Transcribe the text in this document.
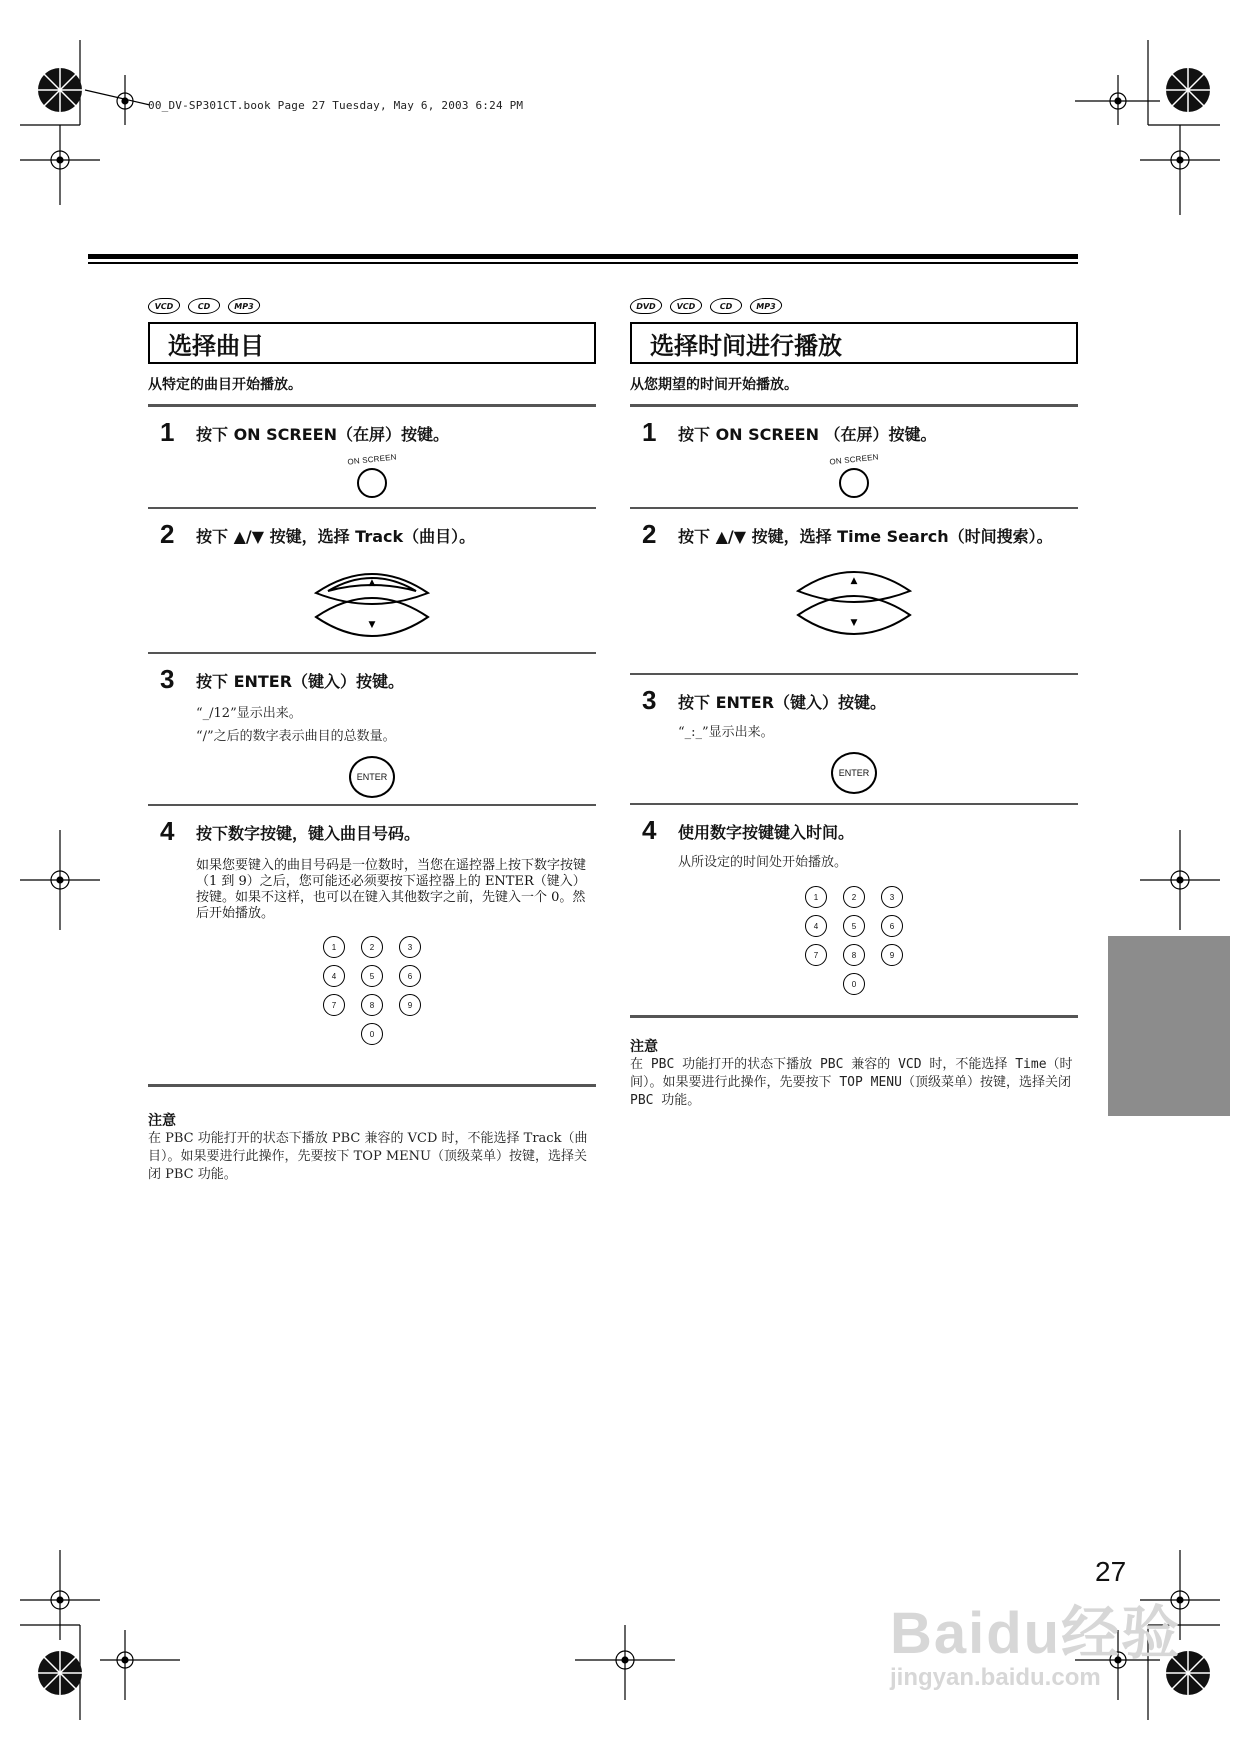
00_DV-SP301CT.book Page 27 Tuesday, May 6, 2003 6:24 PM
VCD	CD	MP3
选择曲目
从特定的曲目开始播放。
1 按下 ON SCREEN（在屏）按键。
ON SCREEN
2 按下 ▲/▼ 按键，选择 Track（曲目）。
▲
▼
3 按下 ENTER（键入）按键。
“_/12”显示出来。
“/”之后的数字表示曲目的总数量。
ENTER
4 按下数字按键，键入曲目号码。
如果您要键入的曲目号码是一位数时，当您在遥控器上按下数字按键（1 到 9）之后，您可能还必须要按下遥控器上的 ENTER（键入）按键。如果不这样，也可以在键入其他数字之前，先键入一个 0。然后开始播放。
1	2	3
4	5	6
7	8	9
0
注意
在 PBC 功能打开的状态下播放 PBC 兼容的 VCD 时，不能选择 Track（曲目）。如果要进行此操作，先要按下 TOP MENU（顶级菜单）按键，选择关闭 PBC 功能。
DVD	VCD	CD	MP3
选择时间进行播放
从您期望的时间开始播放。
1 按下 ON SCREEN （在屏）按键。
ON SCREEN
2 按下 ▲/▼ 按键，选择 Time Search（时间搜索）。
▲
▼
3 按下 ENTER（键入）按键。
“_:_”显示出来。
ENTER
4 使用数字按键键入时间。
从所设定的时间处开始播放。
1	2	3
4	5	6
7	8	9
0
注意
在 PBC 功能打开的状态下播放 PBC 兼容的 VCD 时，不能选择 Time（时间）。如果要进行此操作，先要按下 TOP MENU（顶级菜单）按键，选择关闭 PBC 功能。
27
Baidu经验
jingyan.baidu.com
